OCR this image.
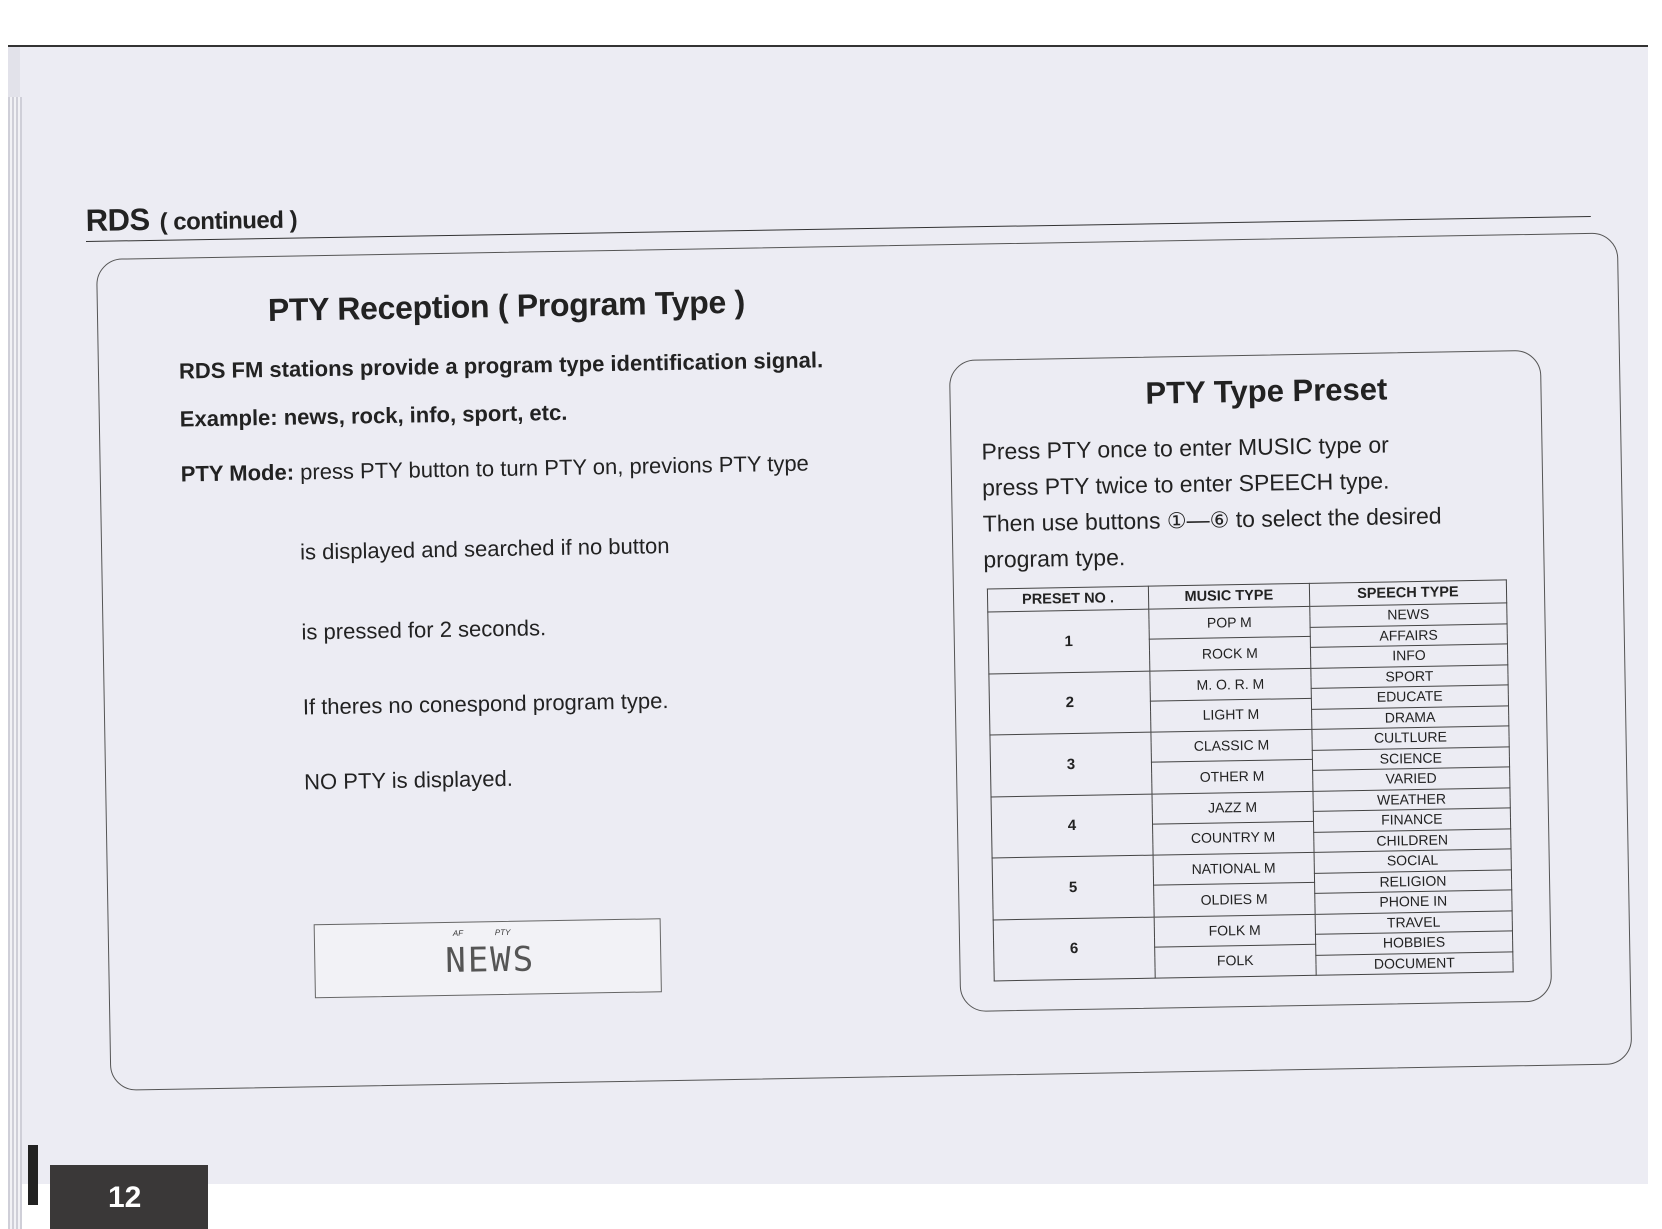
RDS ( continued )
PTY Reception ( Program Type )
RDS FM stations provide a program type identification signal.
Example: news, rock, info, sport, etc.
PTY Mode: press PTY button to turn PTY on, previons PTY type
is displayed and searched if no button
is pressed for 2 seconds.
If theres no conespond program type.
NO PTY is displayed.
AF	PTY
NEWS
PTY Type Preset
Press PTY once to enter MUSIC type or
press PTY twice to enter SPEECH type.
Then use buttons ①—⑥ to select the desired
program type.
PRESET NO .	MUSIC TYPE	SPEECH TYPE
1	POP M	NEWS

		AFFAIRS
	ROCK M	
		INFO

2	M. O. R. M	SPORT

		EDUCATE
	LIGHT M	
		DRAMA

3	CLASSIC M	CULTLURE

		SCIENCE
	OTHER M	
		VARIED

4	JAZZ M	WEATHER

		FINANCE
	COUNTRY M	
		CHILDREN

5	NATIONAL M	SOCIAL

		RELIGION
	OLDIES M	
		PHONE IN

6	FOLK M	TRAVEL

		HOBBIES
	FOLK	
		DOCUMENT

12
